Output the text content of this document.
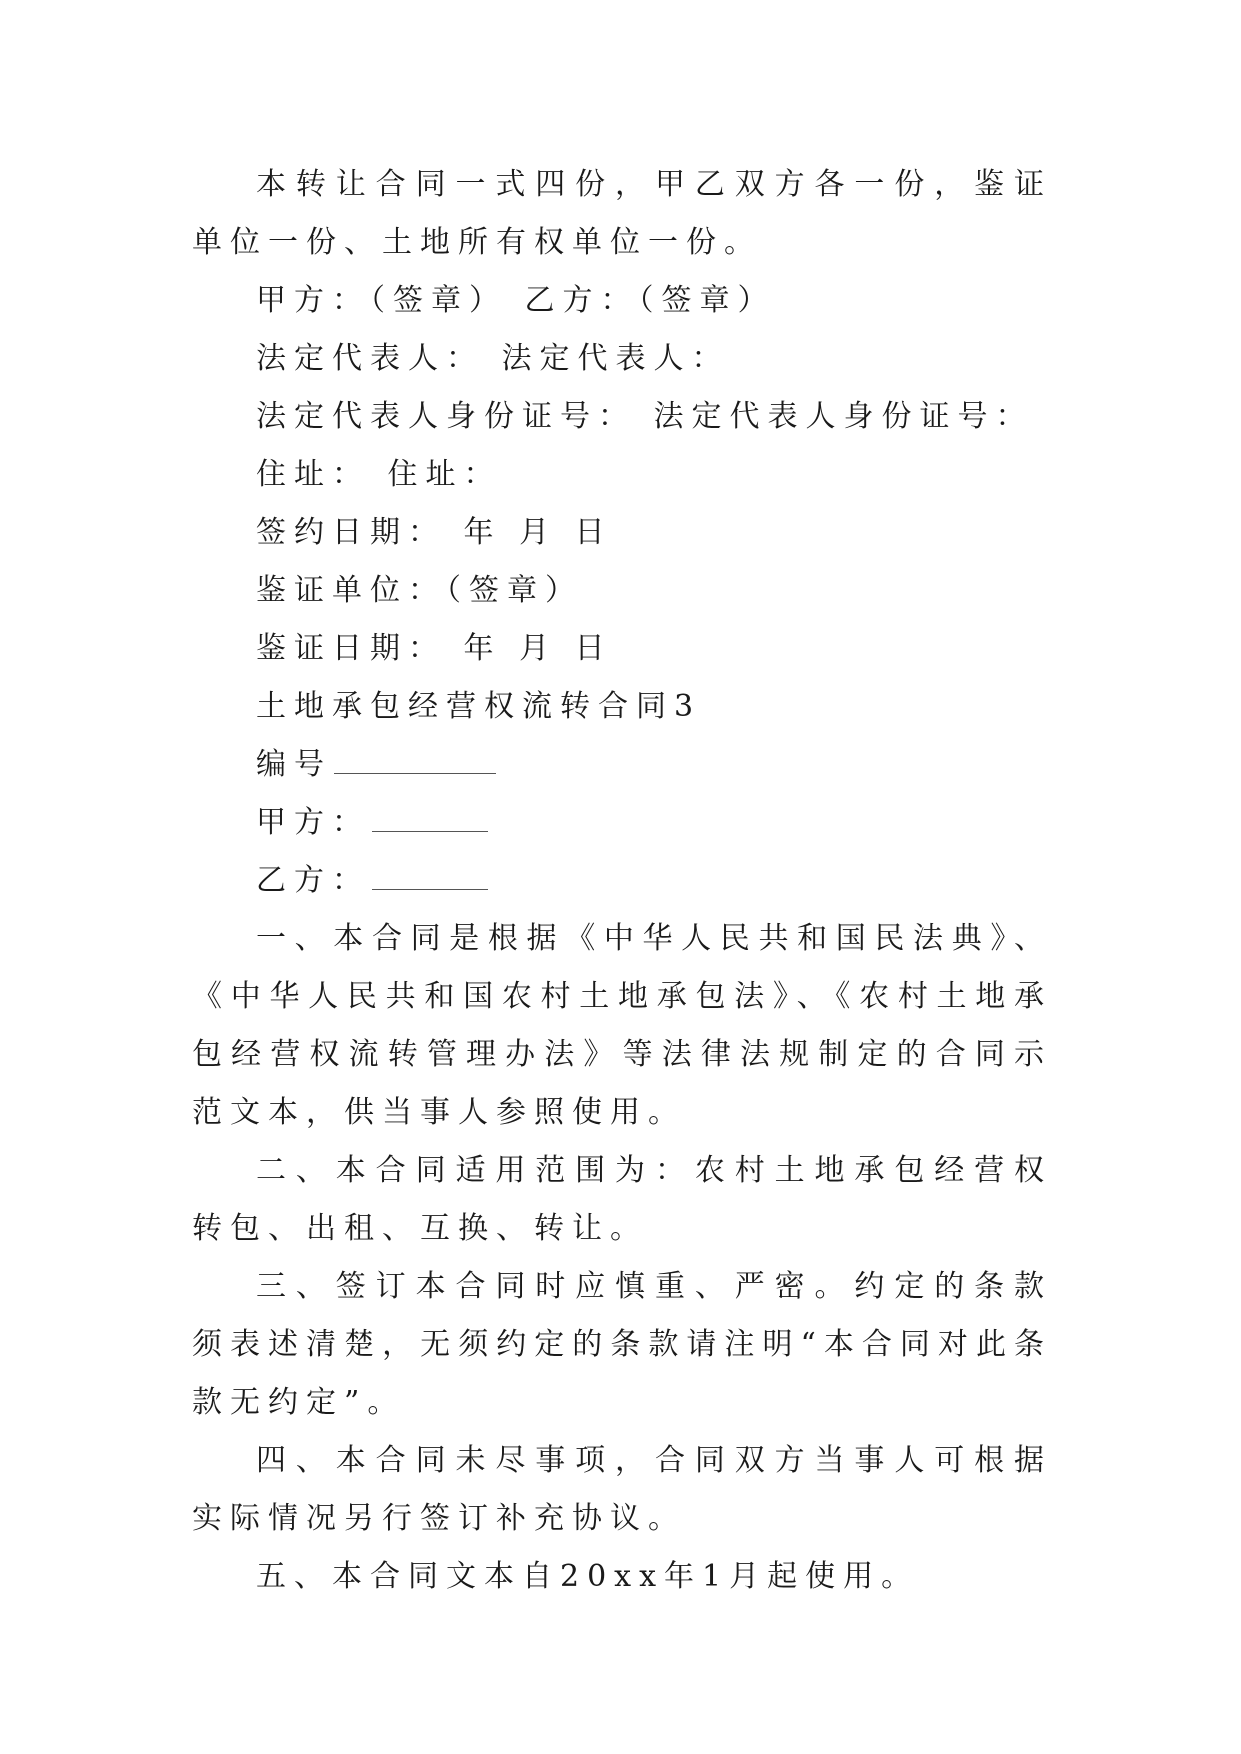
本转让合同一式四份，甲乙双方各一份，鉴证单位一份、土地所有权单位一份。

甲方：（签章） 乙方：（签章）
法定代表人： 法定代表人：
法定代表人身份证号： 法定代表人身份证号：
住址： 住址：
签约日期： 年 月 日
鉴证单位：（签章）
鉴证日期： 年 月 日
土地承包经营权流转合同3
编号
甲方：
乙方：

一、本合同是根据《中华人民共和国民法典》、《中华人民共和国农村土地承包法》、《农村土地承包经营权流转管理办法》等法律法规制定的合同示范文本，供当事人参照使用。

二、本合同适用范围为：农村土地承包经营权转包、出租、互换、转让。

三、签订本合同时应慎重、严密。约定的条款须表述清楚，无须约定的条款请注明“本合同对此条款无约定”。

四、本合同未尽事项，合同双方当事人可根据实际情况另行签订补充协议。

五、本合同文本自20xx年1月起使用。
